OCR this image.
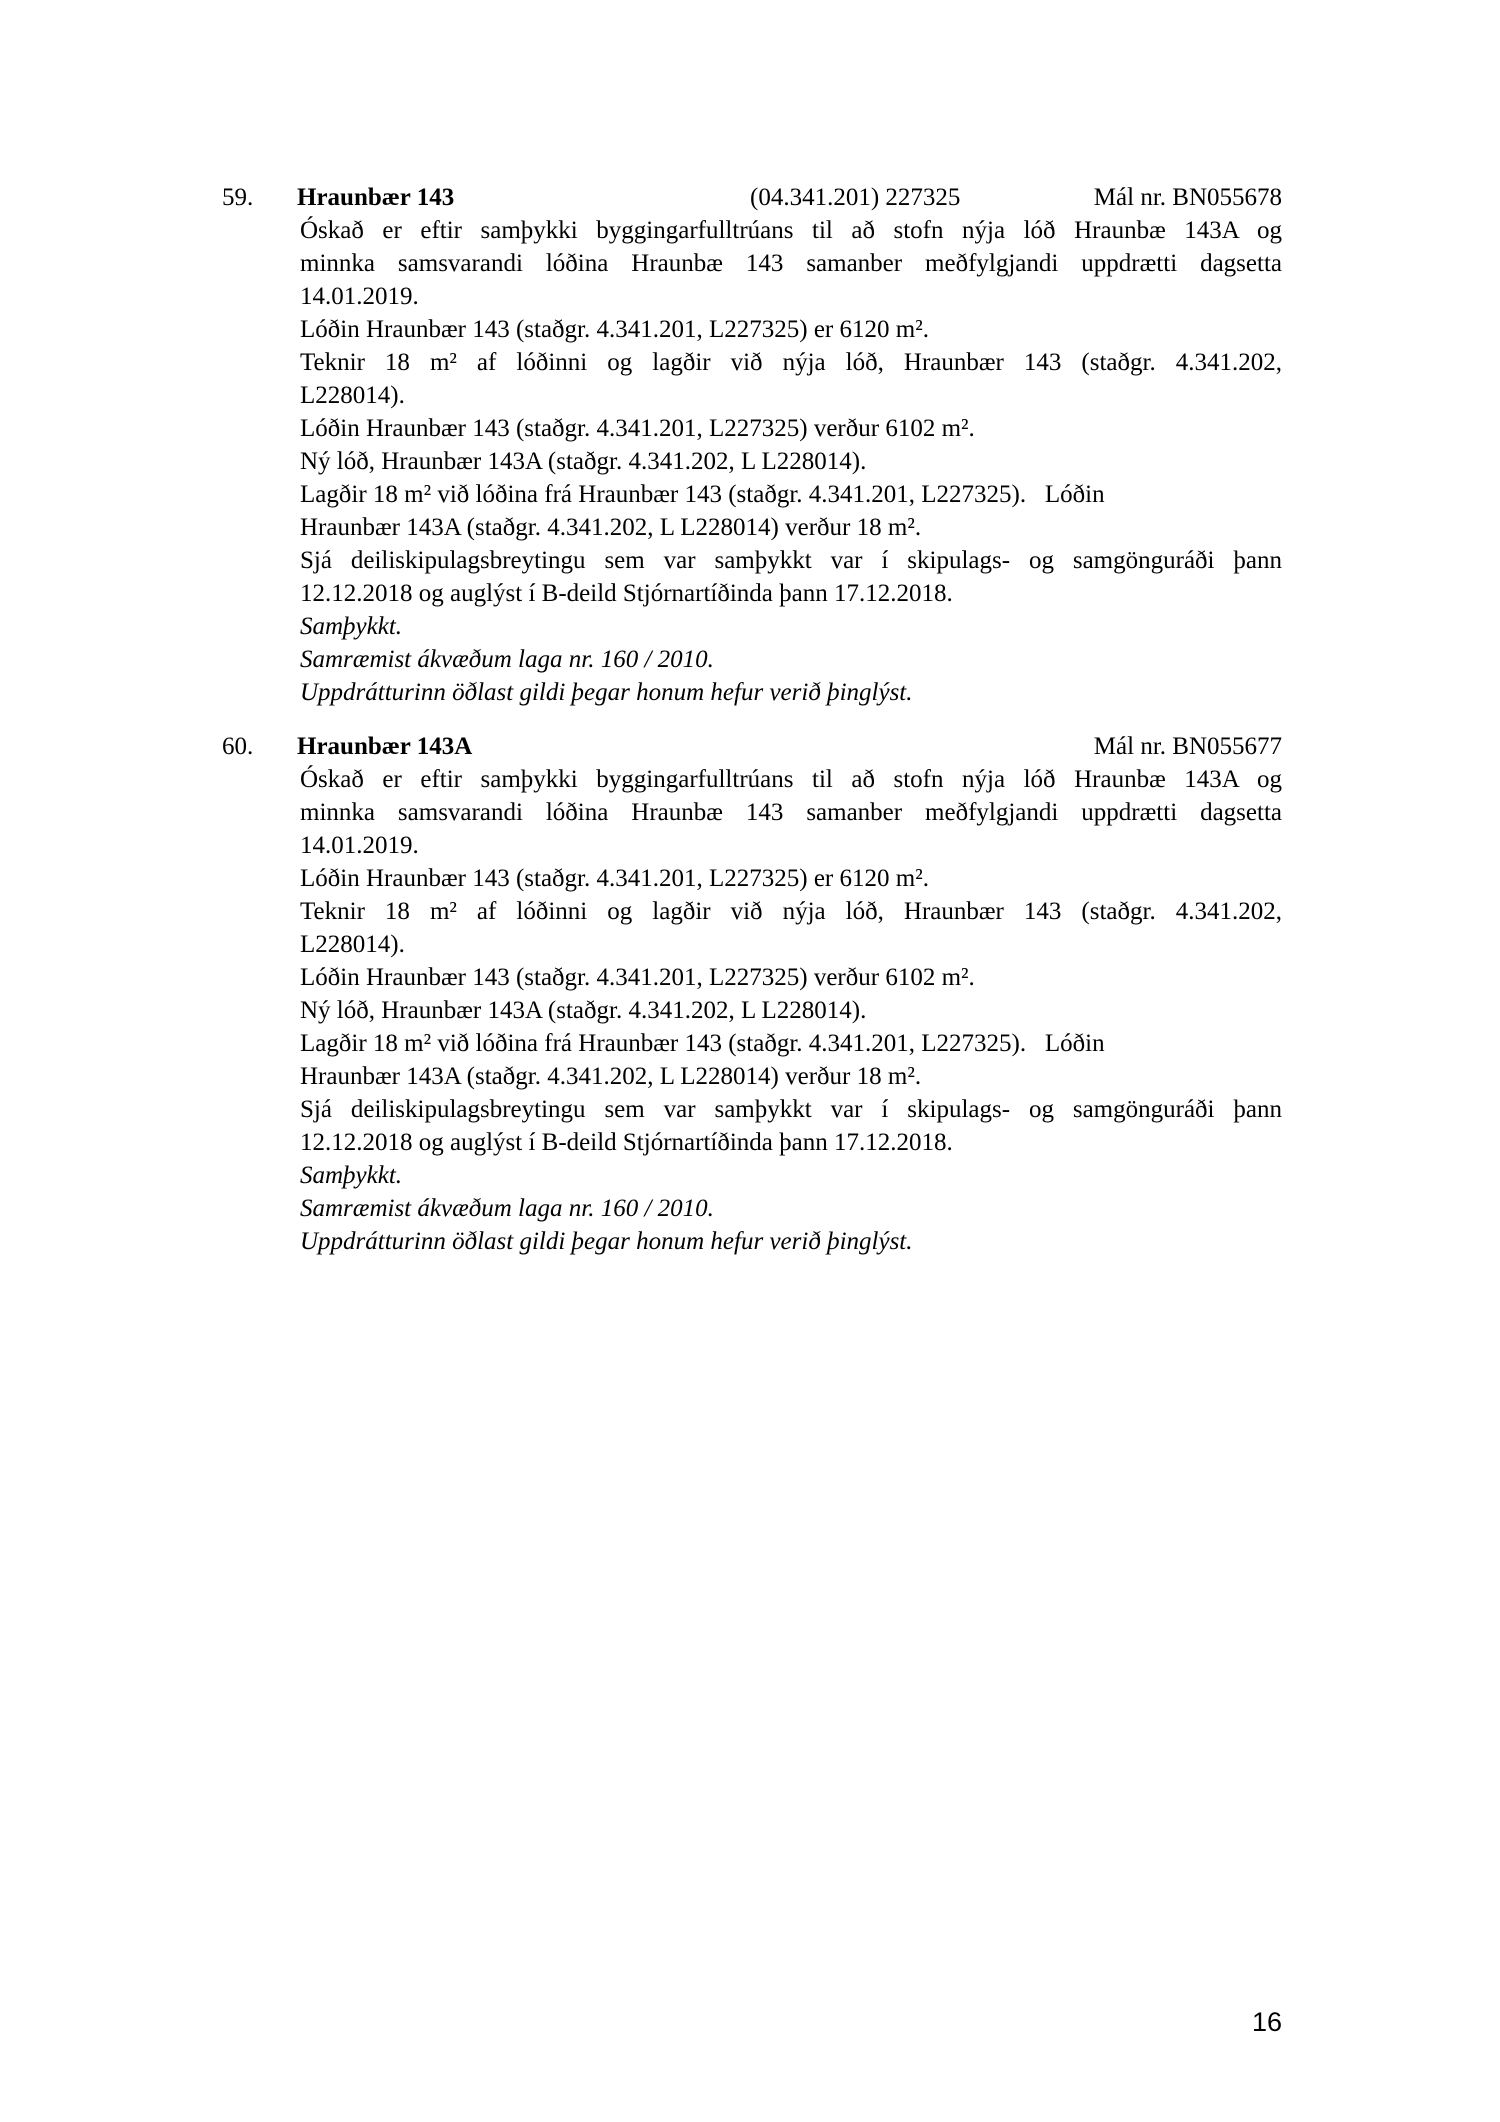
59. Hraunbær 143	(04.341.201) 227325	Mál nr. BN055678
Óskað er eftir samþykki byggingarfulltrúans til að stofn nýja lóð Hraunbæ 143A og
minnka samsvarandi lóðina Hraunbæ 143 samanber meðfylgjandi uppdrætti dagsetta
14.01.2019.
Lóðin Hraunbær 143 (staðgr. 4.341.201, L227325) er 6120 m².
Teknir 18 m² af lóðinni og lagðir við nýja lóð, Hraunbær 143 (staðgr. 4.341.202,
L228014).
Lóðin Hraunbær 143 (staðgr. 4.341.201, L227325) verður 6102 m².
Ný lóð, Hraunbær 143A (staðgr. 4.341.202, L L228014).
Lagðir 18 m² við lóðina frá Hraunbær 143 (staðgr. 4.341.201, L227325).   Lóðin
Hraunbær 143A (staðgr. 4.341.202, L L228014) verður 18 m².
Sjá deiliskipulagsbreytingu sem var samþykkt var í skipulags- og samgönguráði þann
12.12.2018 og auglýst í B-deild Stjórnartíðinda þann 17.12.2018.
Samþykkt.
Samræmist ákvæðum laga nr. 160 / 2010.
Uppdrátturinn öðlast gildi þegar honum hefur verið þinglýst.
60. Hraunbær 143A	Mál nr. BN055677
Óskað er eftir samþykki byggingarfulltrúans til að stofn nýja lóð Hraunbæ 143A og
minnka samsvarandi lóðina Hraunbæ 143 samanber meðfylgjandi uppdrætti dagsetta
14.01.2019.
Lóðin Hraunbær 143 (staðgr. 4.341.201, L227325) er 6120 m².
Teknir 18 m² af lóðinni og lagðir við nýja lóð, Hraunbær 143 (staðgr. 4.341.202,
L228014).
Lóðin Hraunbær 143 (staðgr. 4.341.201, L227325) verður 6102 m².
Ný lóð, Hraunbær 143A (staðgr. 4.341.202, L L228014).
Lagðir 18 m² við lóðina frá Hraunbær 143 (staðgr. 4.341.201, L227325).   Lóðin
Hraunbær 143A (staðgr. 4.341.202, L L228014) verður 18 m².
Sjá deiliskipulagsbreytingu sem var samþykkt var í skipulags- og samgönguráði þann
12.12.2018 og auglýst í B-deild Stjórnartíðinda þann 17.12.2018.
Samþykkt.
Samræmist ákvæðum laga nr. 160 / 2010.
Uppdrátturinn öðlast gildi þegar honum hefur verið þinglýst.
16
